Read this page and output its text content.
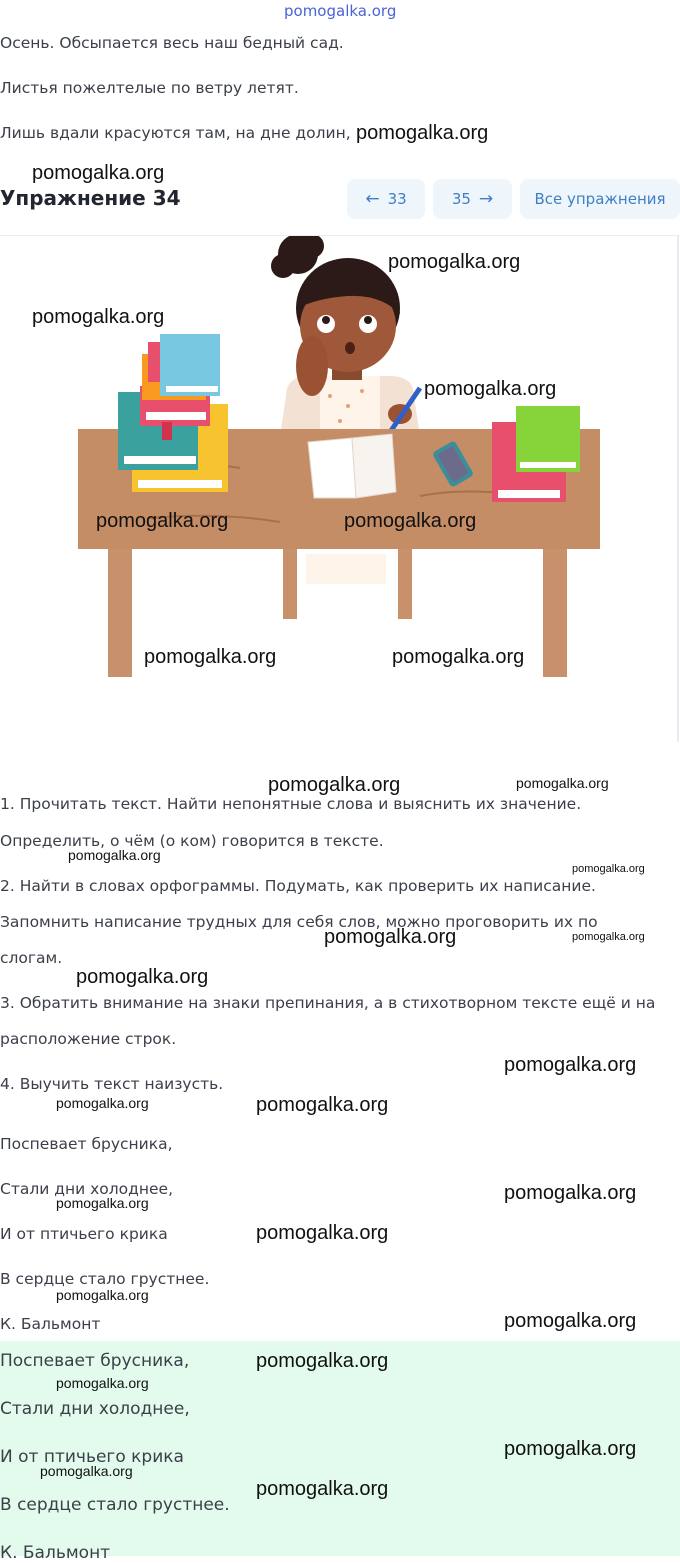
pomogalka.org
Осень. Обсыпается весь наш бедный сад.
Листья пожелтелые по ветру летят.
Лишь вдали красуются там, на дне долин,
Упражнение 34	← 33	35 →	Все упражнения
1. Прочитать текст. Найти непонятные слова и выяснить их значение.
Определить, о чём (о ком) говорится в тексте.
2. Найти в словах орфограммы. Подумать, как проверить их написание.
Запомнить написание трудных для себя слов, можно проговорить их по
слогам.
3. Обратить внимание на знаки препинания, а в стихотворном тексте ещё и на
расположение строк.
4. Выучить текст наизусть.
Поспевает брусника,
Стали дни холоднее,
И от птичьего крика
В сердце стало грустнее.
К. Бальмонт
Поспевает брусника,
Стали дни холоднее,
И от птичьего крика
В сердце стало грустнее.
К. Бальмонт
pomogalka.org
pomogalka.org
pomogalka.org
pomogalka.org
pomogalka.org
pomogalka.org	pomogalka.org
pomogalka.org	pomogalka.org
pomogalka.org	pomogalka.org
pomogalka.org
pomogalka.org
pomogalka.org	pomogalka.org
pomogalka.org
pomogalka.org
pomogalka.org	pomogalka.org
pomogalka.org
pomogalka.org
pomogalka.org
pomogalka.org
pomogalka.org
pomogalka.org
pomogalka.org
pomogalka.org
pomogalka.org
pomogalka.org
